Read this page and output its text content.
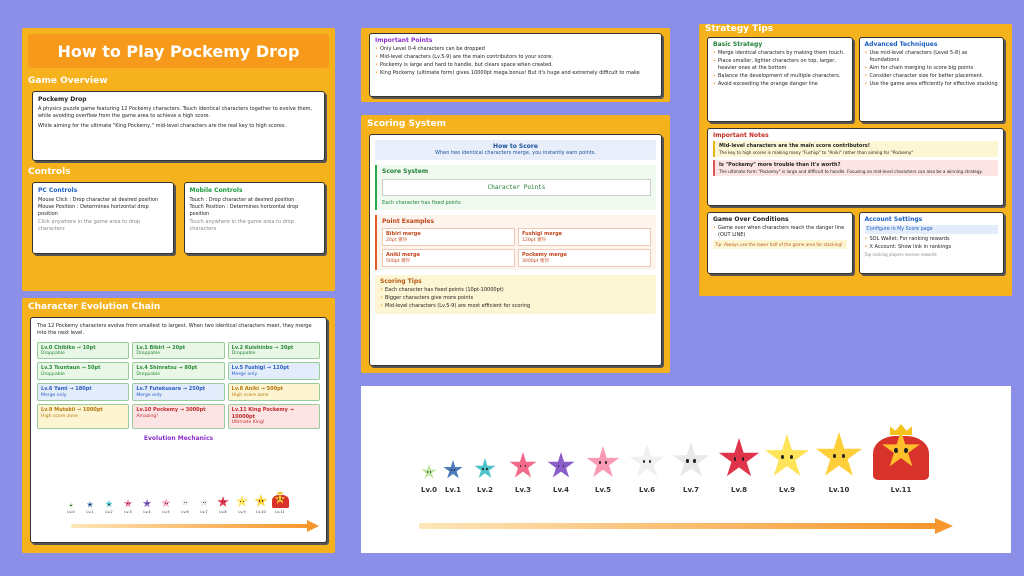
How to Play Pockemy Drop
Game Overview
Pockemy Drop
A physics puzzle game featuring 12 Pockemy characters. Touch identical characters together to evolve them, while avoiding overflow from the game area to achieve a high score.
While aiming for the ultimate "King Pockemy," mid-level characters are the real key to high scores.
Controls
PC Controls
Mouse Click : Drop character at desired position
Mouse Position : Determines horizontal drop position
Click anywhere in the game area to drop characters
Mobile Controls
Touch : Drop character at desired position
Touch Position : Determines horizontal drop position
Touch anywhere in the game area to drop characters
Character Evolution Chain
The 12 Pockemy characters evolve from smallest to largest. When two identical characters meet, they merge into the next level.
Lv.0 Chibiko → 10pt
Droppable
Lv.1 Bibiri → 20pt
Droppable
Lv.2 Kuishinbo → 30pt
Droppable
Lv.3 Tsuntaun → 50pt
Droppable
Lv.4 Shinratsu → 80pt
Droppable
Lv.5 Fushigi → 120pt
Merge only
Lv.6 Yami → 180pt
Merge only
Lv.7 Futekusare → 250pt
Merge only
Lv.8 Aniki → 500pt
High score zone
Lv.9 Mutekii → 1000pt
High score zone
Lv.10 Pockemy → 3000pt
Amazing!
Lv.11 King Pockemy → 10000pt
Ultimate King!
Evolution Mechanics
Lv.0	Lv.1	Lv.2	Lv.3	Lv.4	Lv.5	Lv.6	Lv.7	Lv.8	Lv.9	Lv.10	Lv.11
Important Points
• Only Level 0-4 characters can be dropped
• Mid-level characters (Lv.5-9) are the main contributors to your score.
• Pockemy is large and hard to handle, but clears space when created.
• King Pockemy (ultimate form) gives 10000pt mega bonus! But it's huge and extremely difficult to make
Scoring System
How to Score
When two identical characters merge, you instantly earn points.
Score System
Character Points
Each character has fixed points
Point Examples
Bibiri merge
20pt 獲得
Fushigi merge
120pt 獲得
Aniki merge
500pt 獲得
Pockemy merge
3000pt 獲得
Scoring Tips
• Each character has fixed points (10pt-10000pt)
• Bigger characters give more points
• Mid-level characters (Lv.5-9) are most efficient for scoring
Strategy Tips
Basic Strategy
• Merge identical characters by making them touch.
• Place smaller, lighter characters on top, larger, heavier ones at the bottom
• Balance the development of multiple characters.
• Avoid exceeding the orange danger line
Advanced Techniques
• Use mid-level characters (Level 5-8) as foundations
• Aim for chain merging to score big points
• Consider character size for better placement.
• Use the game area efficiently for effective stacking
Important Notes
Mid-level characters are the main score contributors!
The key to high scores is making many "Fushigi" to "Aniki" rather than aiming for "Pockemy"
Is "Pockemy" more trouble than it's worth?
The ultimate form "Pockemy" is large and difficult to handle. Focusing on mid-level characters can also be a winning strategy.
Game Over Conditions
• Game over when characters reach the danger line (OUT LINE)
Tip: Always use the lower half of the game area for stacking!
Account Settings
Configure in My Score page
• SOL Wallet: For ranking rewards
• X Account: Show link in rankings
Top ranking players receive rewards
Lv.0	Lv.1	Lv.2	Lv.3	Lv.4	Lv.5	Lv.6	Lv.7	Lv.8	Lv.9	Lv.10	Lv.11
